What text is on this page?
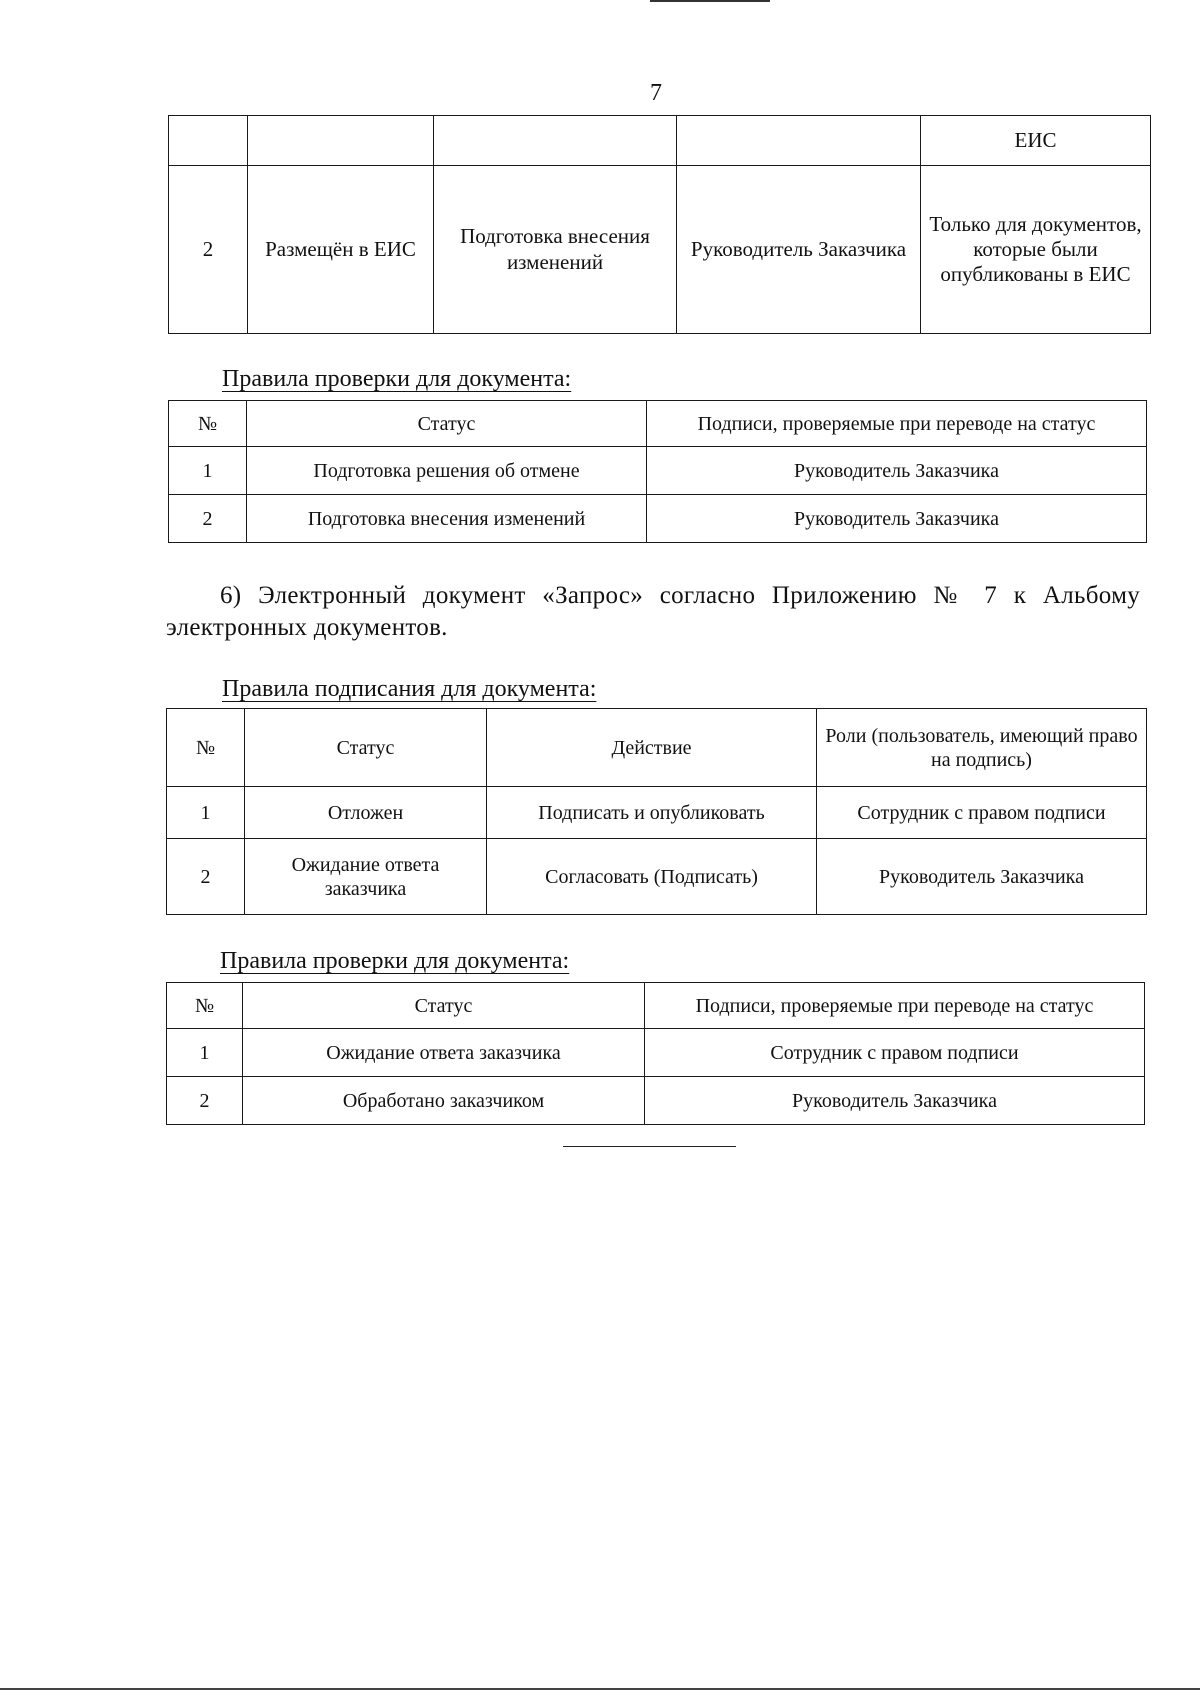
7
				ЕИС
2	Размещён в ЕИС	Подготовка внесения изменений	Руководитель Заказчика	Только для документов, которые были опубликованы в ЕИС
Правила проверки для документа:
№	Статус	Подписи, проверяемые при переводе на статус
1	Подготовка решения об отмене	Руководитель Заказчика
2	Подготовка внесения изменений	Руководитель Заказчика
6) Электронный документ «Запрос» согласно Приложению № 7 к Альбому электронных документов.
Правила подписания для документа:
№	Статус	Действие	Роли (пользователь, имеющий право на подпись)
1	Отложен	Подписать и опубликовать	Сотрудник с правом подписи
2	Ожидание ответа заказчика	Согласовать (Подписать)	Руководитель Заказчика
Правила проверки для документа:
№	Статус	Подписи, проверяемые при переводе на статус
1	Ожидание ответа заказчика	Сотрудник с правом подписи
2	Обработано заказчиком	Руководитель Заказчика
